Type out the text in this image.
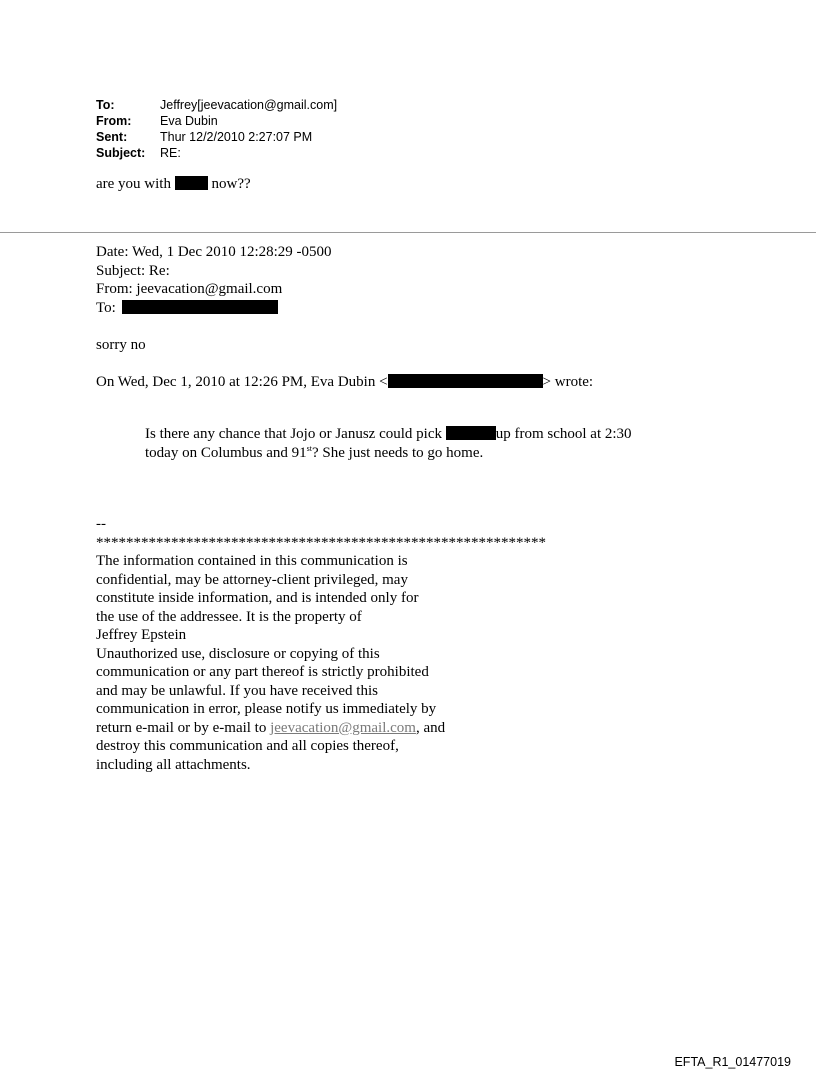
To:	Jeffrey[jeevacation@gmail.com]
From:	Eva Dubin
Sent:	Thur 12/2/2010 2:27:07 PM
Subject:	RE:
are you with	now??
Date: Wed, 1 Dec 2010 12:28:29 -0500
Subject: Re:
From: jeevacation@gmail.com
To:
sorry no
On Wed, Dec 1, 2010 at 12:26 PM, Eva Dubin <	> wrote:
Is there any chance that Jojo or Janusz could pick	up from school at 2:30
today on Columbus and 91st? She just needs to go home.
--
************************************************************
The information contained in this communication is
confidential, may be attorney-client privileged, may
constitute inside information, and is intended only for
the use of the addressee. It is the property of
Jeffrey Epstein
Unauthorized use, disclosure or copying of this
communication or any part thereof is strictly prohibited
and may be unlawful. If you have received this
communication in error, please notify us immediately by
return e-mail or by e-mail to jeevacation@gmail.com, and
destroy this communication and all copies thereof,
including all attachments.
EFTA_R1_01477019
